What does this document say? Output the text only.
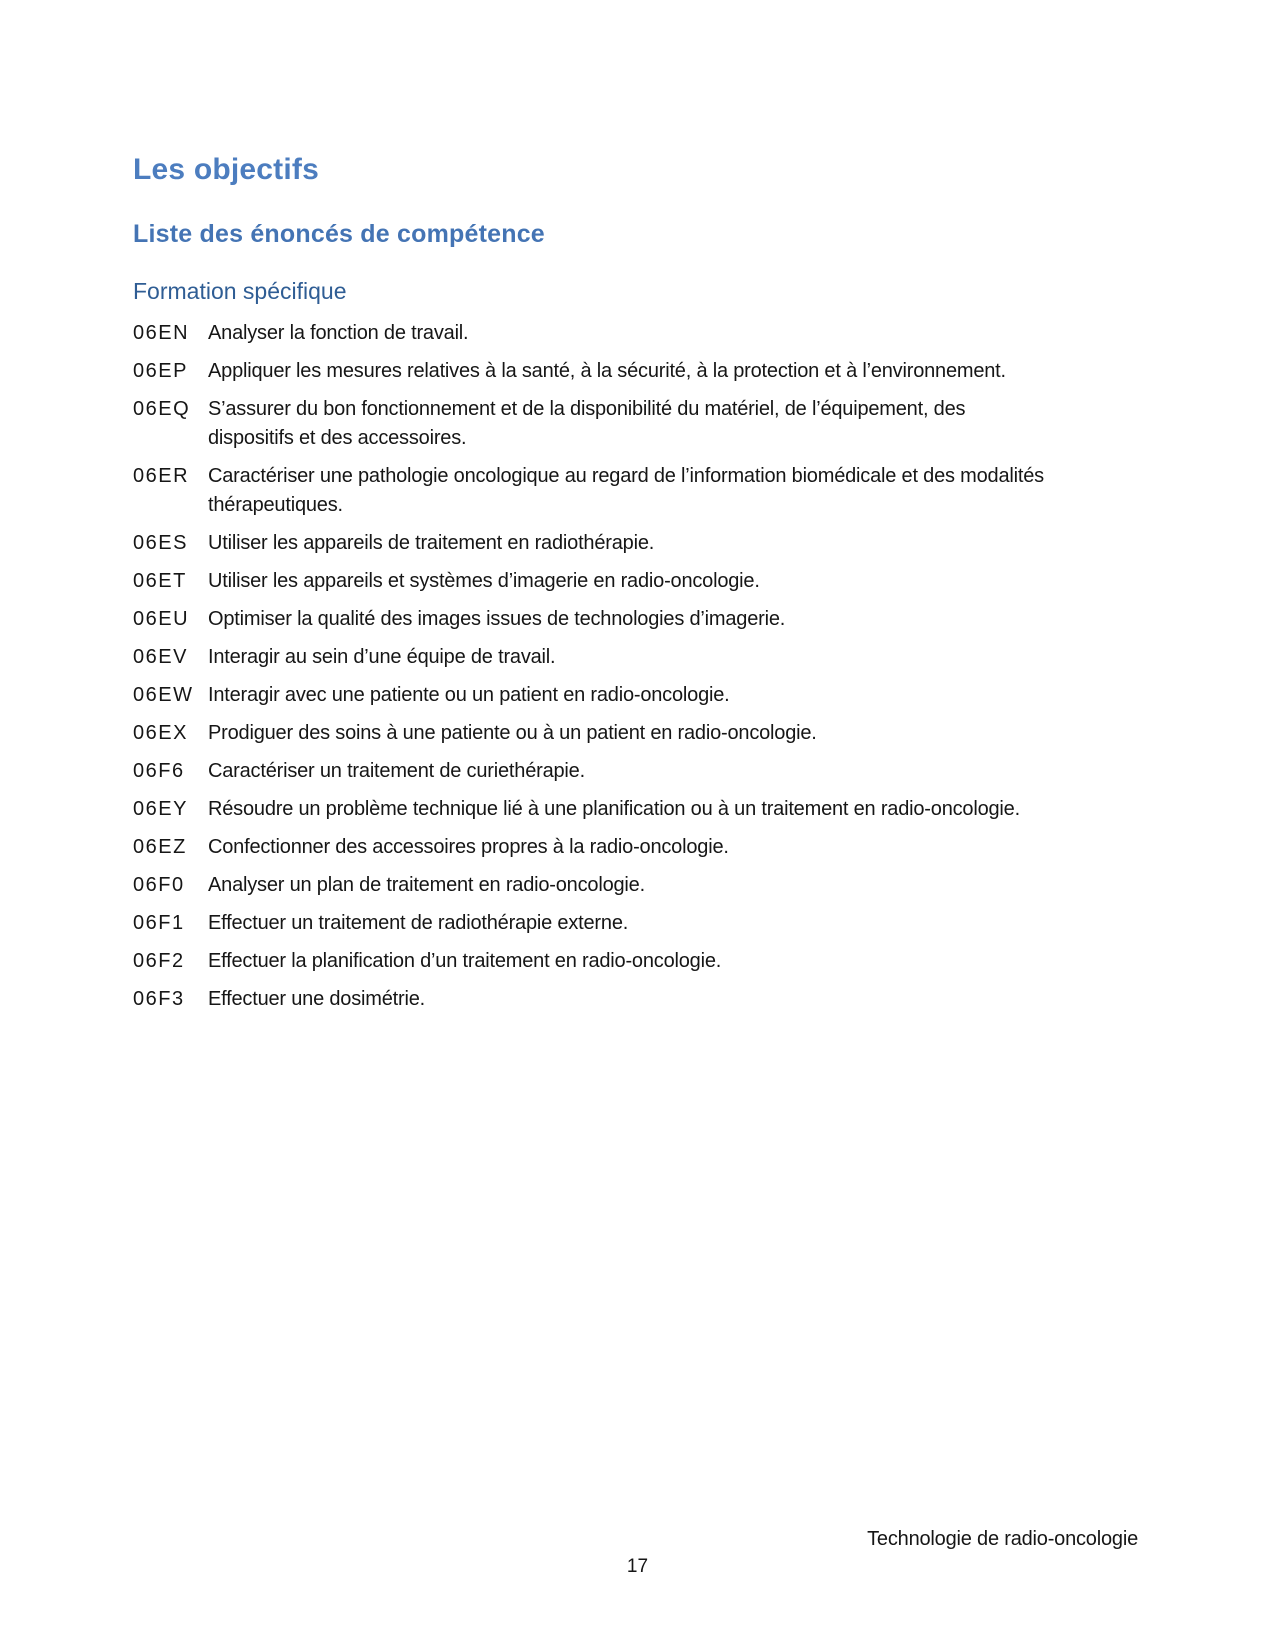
Les objectifs
Liste des énoncés de compétence
Formation spécifique
06EN Analyser la fonction de travail.
06EP	Appliquer les mesures relatives à la santé, à la sécurité, à la protection et à l’environnement.
06EQ S’assurer du bon fonctionnement et de la disponibilité du matériel, de l’équipement, des dispositifs et des accessoires.
06ER Caractériser une pathologie oncologique au regard de l’information biomédicale et des modalités thérapeutiques.
06ES	Utiliser les appareils de traitement en radiothérapie.
06ET	Utiliser les appareils et systèmes d’imagerie en radio-oncologie.
06EU Optimiser la qualité des images issues de technologies d’imagerie.
06EV	Interagir au sein d’une équipe de travail.
06EW Interagir avec une patiente ou un patient en radio-oncologie.
06EX	Prodiguer des soins à une patiente ou à un patient en radio-oncologie.
06F6	Caractériser un traitement de curiethérapie.
06EY	Résoudre un problème technique lié à une planification ou à un traitement en radio-oncologie.
06EZ	Confectionner des accessoires propres à la radio-oncologie.
06F0	Analyser un plan de traitement en radio-oncologie.
06F1	Effectuer un traitement de radiothérapie externe.
06F2	Effectuer la planification d’un traitement en radio-oncologie.
06F3	Effectuer une dosimétrie.
Technologie de radio-oncologie
17
